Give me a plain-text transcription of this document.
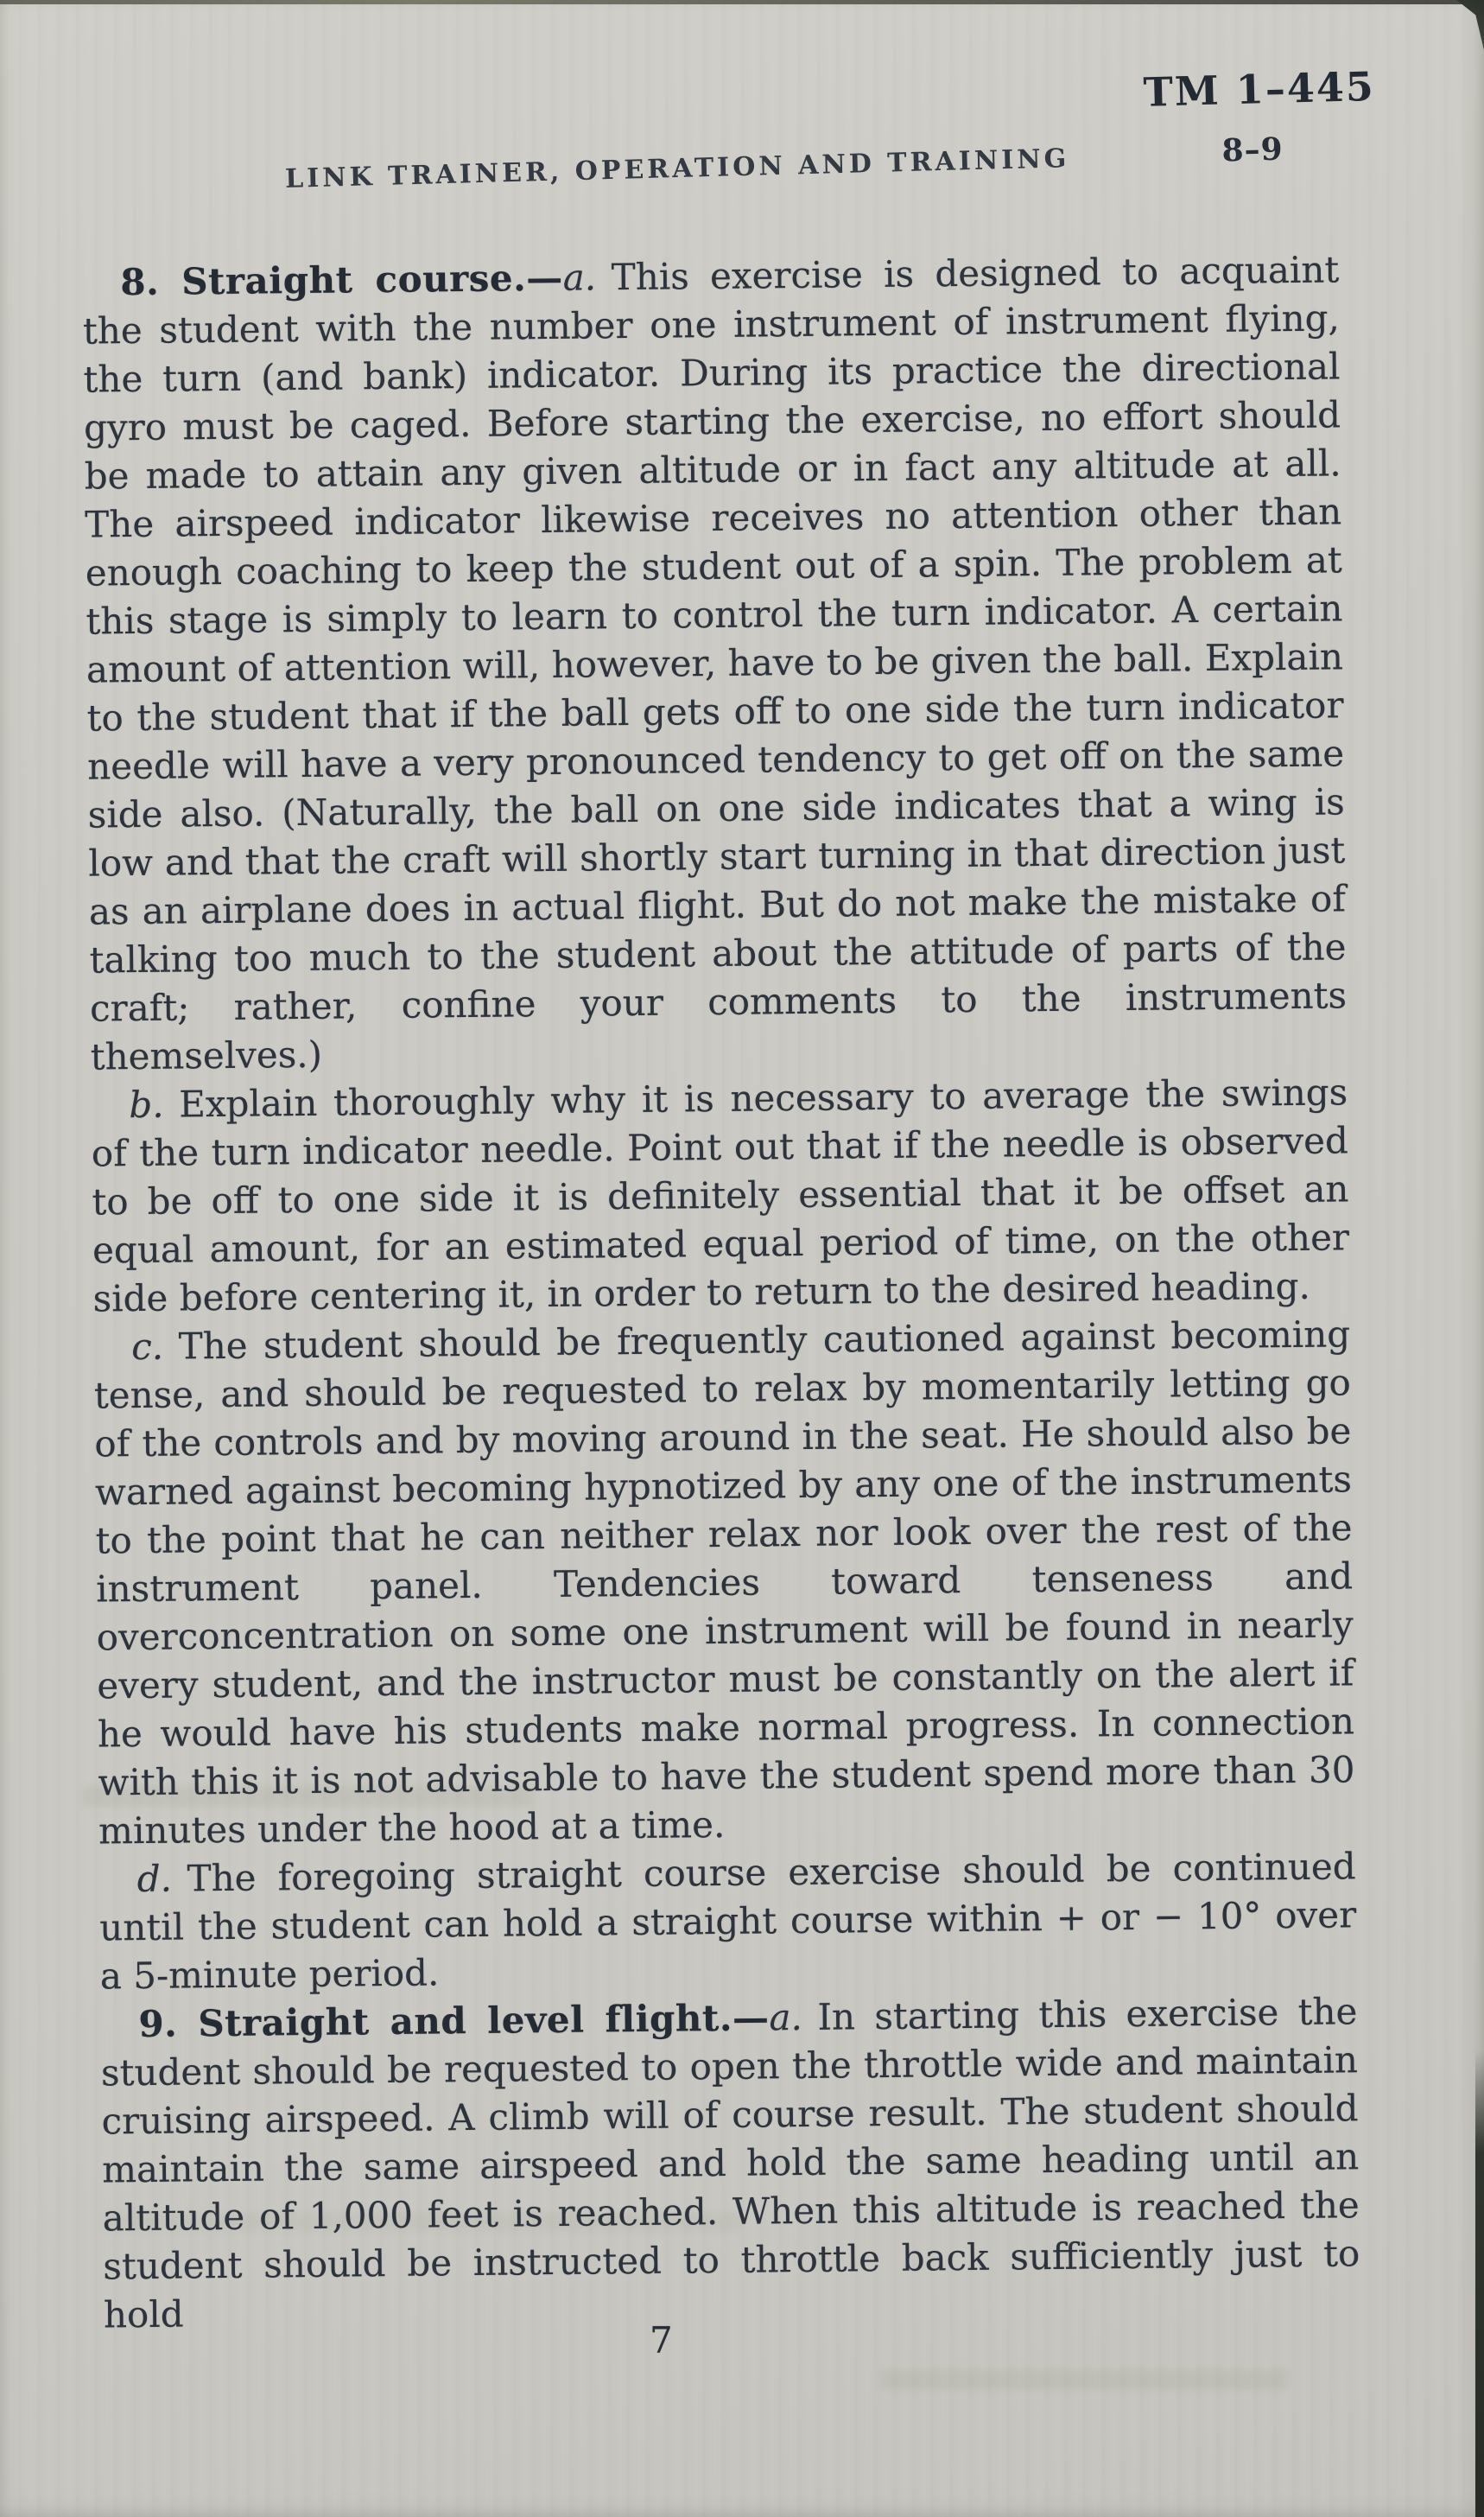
TM 1–445
LINK TRAINER, OPERATION AND TRAINING	8–9

8. Straight course.—a. This exercise is designed to acquaint the student with the number one instrument of instrument flying, the turn (and bank) indicator. During its practice the directional gyro must be caged. Before starting the exercise, no effort should be made to attain any given altitude or in fact any altitude at all. The airspeed indicator likewise receives no attention other than enough coaching to keep the student out of a spin. The problem at this stage is simply to learn to control the turn indicator. A certain amount of attention will, however, have to be given the ball. Explain to the student that if the ball gets off to one side the turn indicator needle will have a very pronounced tendency to get off on the same side also. (Naturally, the ball on one side indicates that a wing is low and that the craft will shortly start turning in that direction just as an airplane does in actual flight. But do not make the mistake of talking too much to the student about the attitude of parts of the craft; rather, confine your comments to the instruments themselves.)

b. Explain thoroughly why it is necessary to average the swings of the turn indicator needle. Point out that if the needle is observed to be off to one side it is definitely essential that it be offset an equal amount, for an estimated equal period of time, on the other side before centering it, in order to return to the desired heading.

c. The student should be frequently cautioned against becoming tense, and should be requested to relax by momentarily letting go of the controls and by moving around in the seat. He should also be warned against becoming hypnotized by any one of the instruments to the point that he can neither relax nor look over the rest of the instrument panel. Tendencies toward tenseness and overconcentration on some one instrument will be found in nearly every student, and the instructor must be constantly on the alert if he would have his students make normal progress. In connection with this it is not advisable to have the student spend more than 30 minutes under the hood at a time.

d. The foregoing straight course exercise should be continued until the student can hold a straight course within + or − 10° over a 5-minute period.

9. Straight and level flight.—a. In starting this exercise the student should be requested to open the throttle wide and maintain cruising airspeed. A climb will of course result. The student should maintain the same airspeed and hold the same heading until an altitude of 1,000 feet is reached. When this altitude is reached the student should be instructed to throttle back sufficiently just to hold

7
